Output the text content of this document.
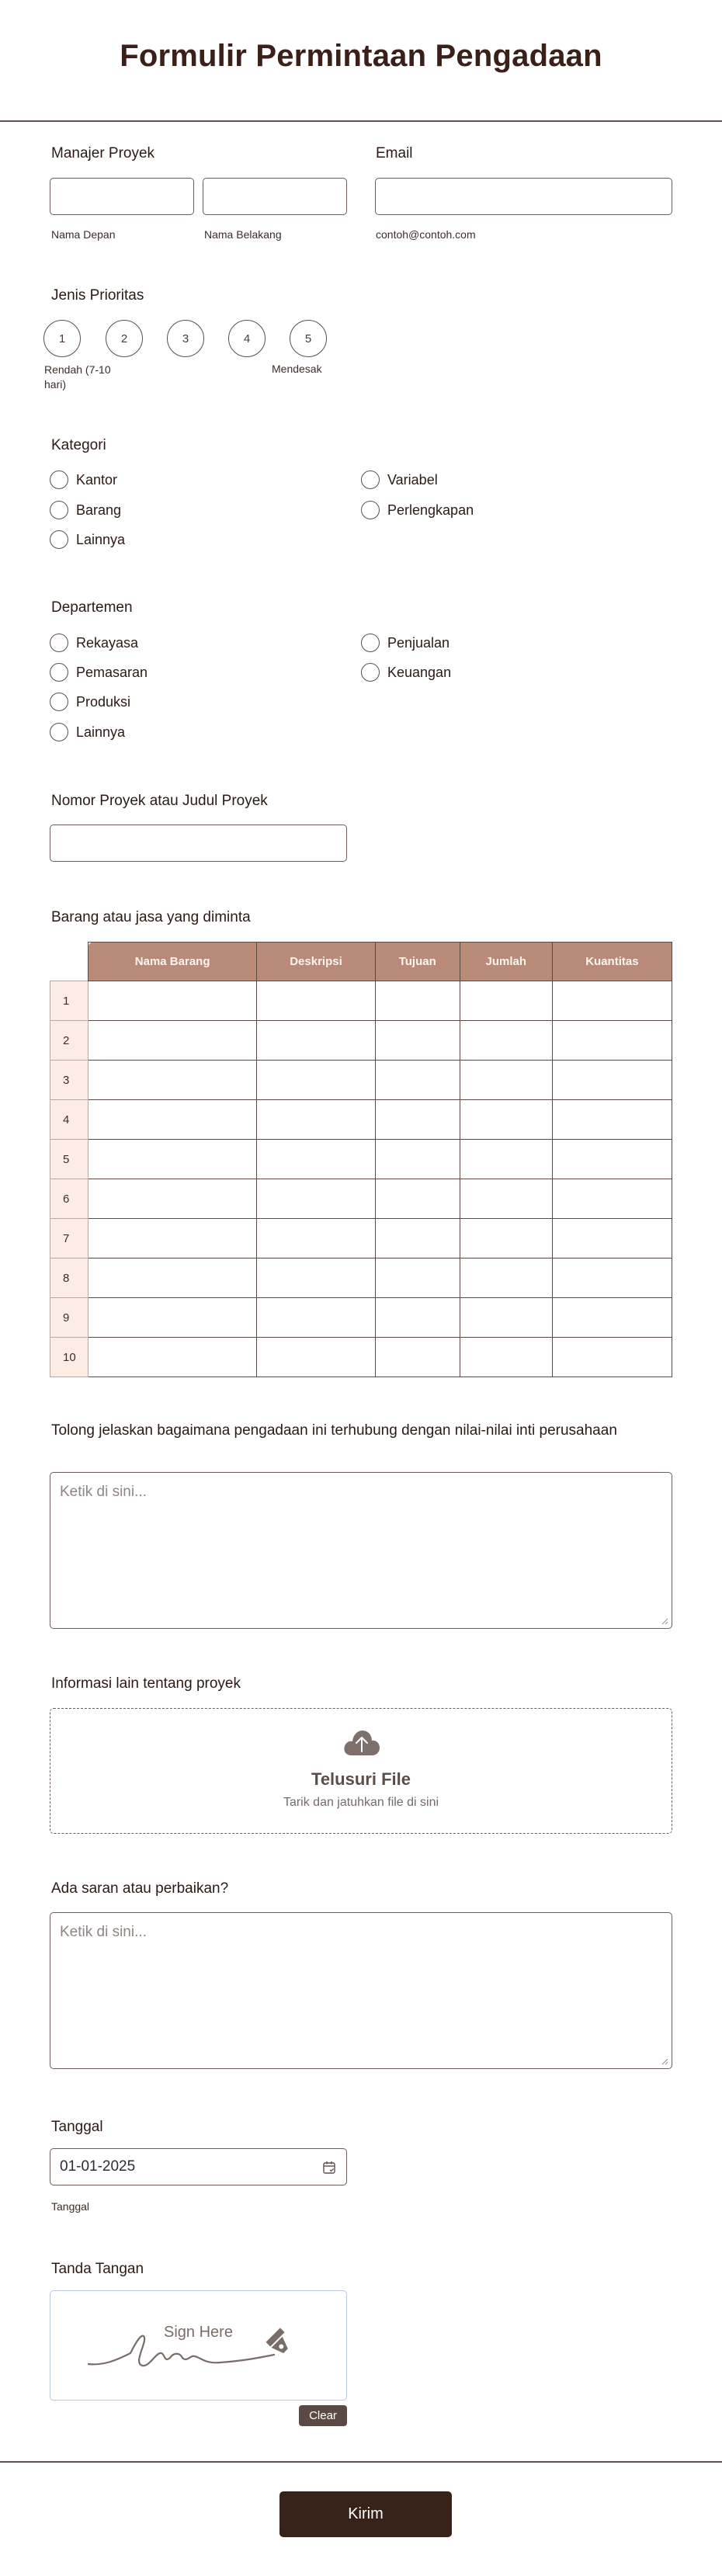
Formulir Permintaan Pengadaan
Manajer Proyek
Nama Depan	Nama Belakang
Email
contoh@contoh.com
Jenis Prioritas
1	2	3	4	5
Rendah (7-10 hari)
Mendesak
Kategori
Kantor	Variabel
Barang	Perlengkapan
Lainnya
Departemen
Rekayasa	Penjualan
Pemasaran	Keuangan
Produksi
Lainnya
Nomor Proyek atau Judul Proyek
Barang atau jasa yang diminta
	Nama Barang	Deskripsi	Tujuan	Jumlah	Kuantitas
1					
2					
3					
4					
5					
6					
7					
8					
9					
10					
Tolong jelaskan bagaimana pengadaan ini terhubung dengan nilai-nilai inti perusahaan
Ketik di sini...
Informasi lain tentang proyek
Telusuri File
Tarik dan jatuhkan file di sini
Ada saran atau perbaikan?
Ketik di sini...
Tanggal
01-01-2025
Tanggal
Tanda Tangan
Sign Here
Clear
Kirim
